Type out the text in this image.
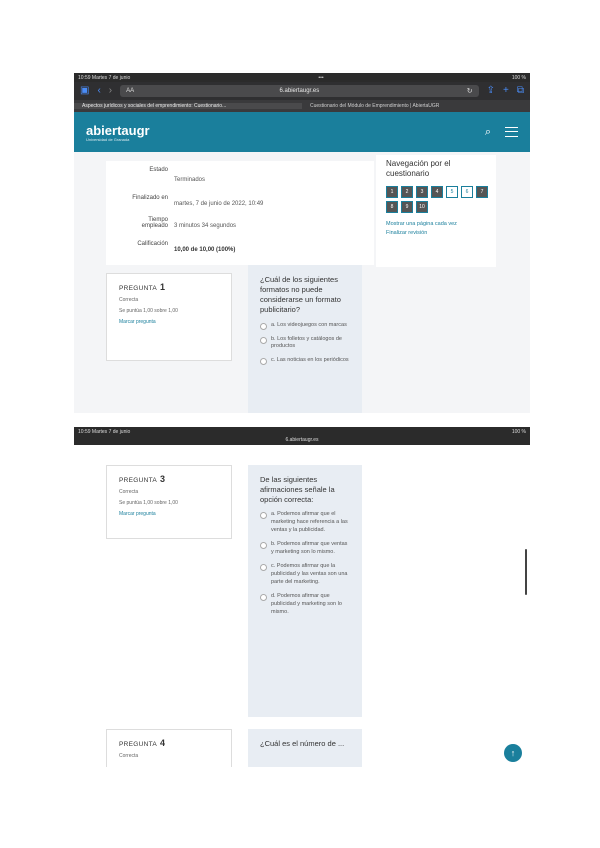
10:59 Martes 7 de junio	•••	100 %
▣ ‹ › AA	6.abiertaugr.es	↻ ⇪ + ⧉
Aspectos jurídicos y sociales del emprendimiento: Cuestionario...	Cuestionario del Módulo de Emprendimiento | AbiertaUGR
abiertaugr
Universidad de Granada
⌕
Estado
Terminados
Finalizado en
martes, 7 de junio de 2022, 10:49
Tiempo empleado 3 minutos 34 segundos
Calificación
10,00 de 10,00 (100%)
Navegación por el cuestionario
1	2	3	4	5	6	7
8	9	10
Mostrar una página cada vez
Finalizar revisión
PREGUNTA 1
Correcta
Se puntúa 1,00 sobre 1,00
Marcar pregunta
¿Cuál de los siguientes formatos no puede considerarse un formato publicitario?
a. Los videojuegos con marcas
b. Los folletos y catálogos de productos
c. Las noticias en los periódicos
10:59 Martes 7 de junio	100 %
6.abiertaugr.es
PREGUNTA 3
Correcta
Se puntúa 1,00 sobre 1,00
Marcar pregunta
De las siguientes afirmaciones señale la opción correcta:
a. Podemos afirmar que el marketing hace referencia a las ventas y la publicidad.
b. Podemos afirmar que ventas y marketing son lo mismo.
c. Podemos afirmar que la publicidad y las ventas son una parte del marketing.
d. Podemos afirmar que publicidad y marketing son lo mismo.
PREGUNTA 4
Correcta
¿Cuál es el número de ...
↑
